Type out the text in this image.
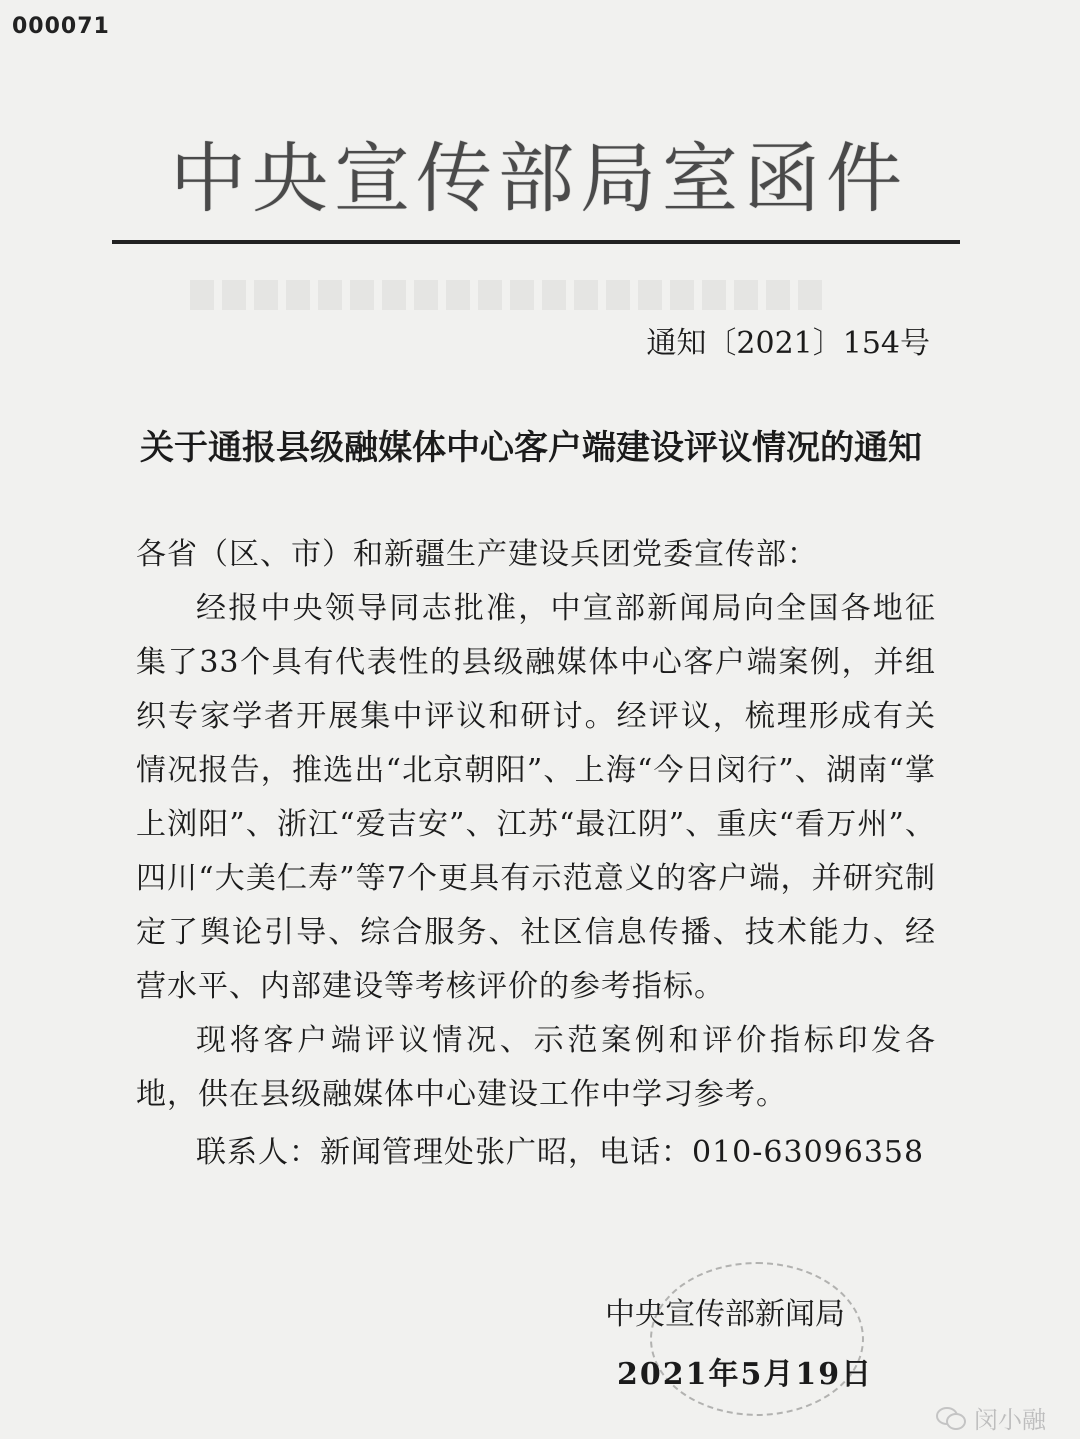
000071
中央宣传部局室函件
通知〔2021〕154号
关于通报县级融媒体中心客户端建设评议情况的通知

各省（区、市）和新疆生产建设兵团党委宣传部：

经报中央领导同志批准，中宣部新闻局向全国各地征集了33个具有代表性的县级融媒体中心客户端案例，并组织专家学者开展集中评议和研讨。经评议，梳理形成有关情况报告，推选出“北京朝阳”、上海“今日闵行”、湖南“掌上浏阳”、浙江“爱吉安”、江苏“最江阴”、重庆“看万州”、四川“大美仁寿”等7个更具有示范意义的客户端，并研究制定了舆论引导、综合服务、社区信息传播、技术能力、经营水平、内部建设等考核评价的参考指标。

现将客户端评议情况、示范案例和评价指标印发各地，供在县级融媒体中心建设工作中学习参考。

联系人：新闻管理处张广昭，电话：010-63096358

中央宣传部新闻局
2021年5月19日
闵小融
